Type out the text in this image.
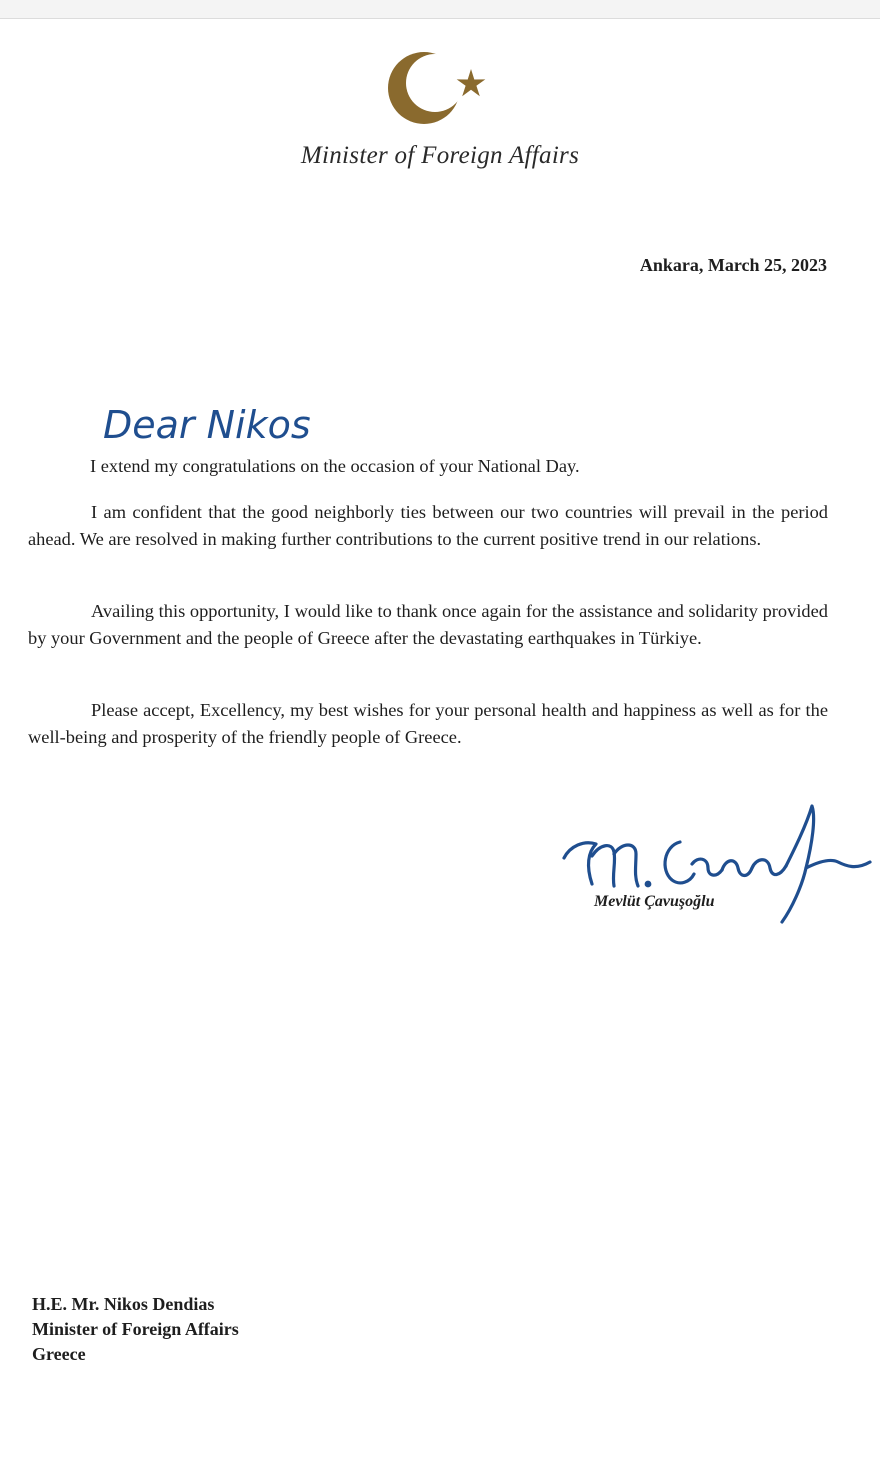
Minister of Foreign Affairs
Ankara, March 25, 2023
Dear Nikos
I extend my congratulations on the occasion of your National Day.
I am confident that the good neighborly ties between our two countries will prevail in the period ahead. We are resolved in making further contributions to the current positive trend in our relations.
Availing this opportunity, I would like to thank once again for the assistance and solidarity provided by your Government and the people of Greece after the devastating earthquakes in Türkiye.
Please accept, Excellency, my best wishes for your personal health and happiness as well as for the well-being and prosperity of the friendly people of Greece.
Mevlüt Çavuşoğlu
H.E. Mr. Nikos Dendias
Minister of Foreign Affairs
Greece
